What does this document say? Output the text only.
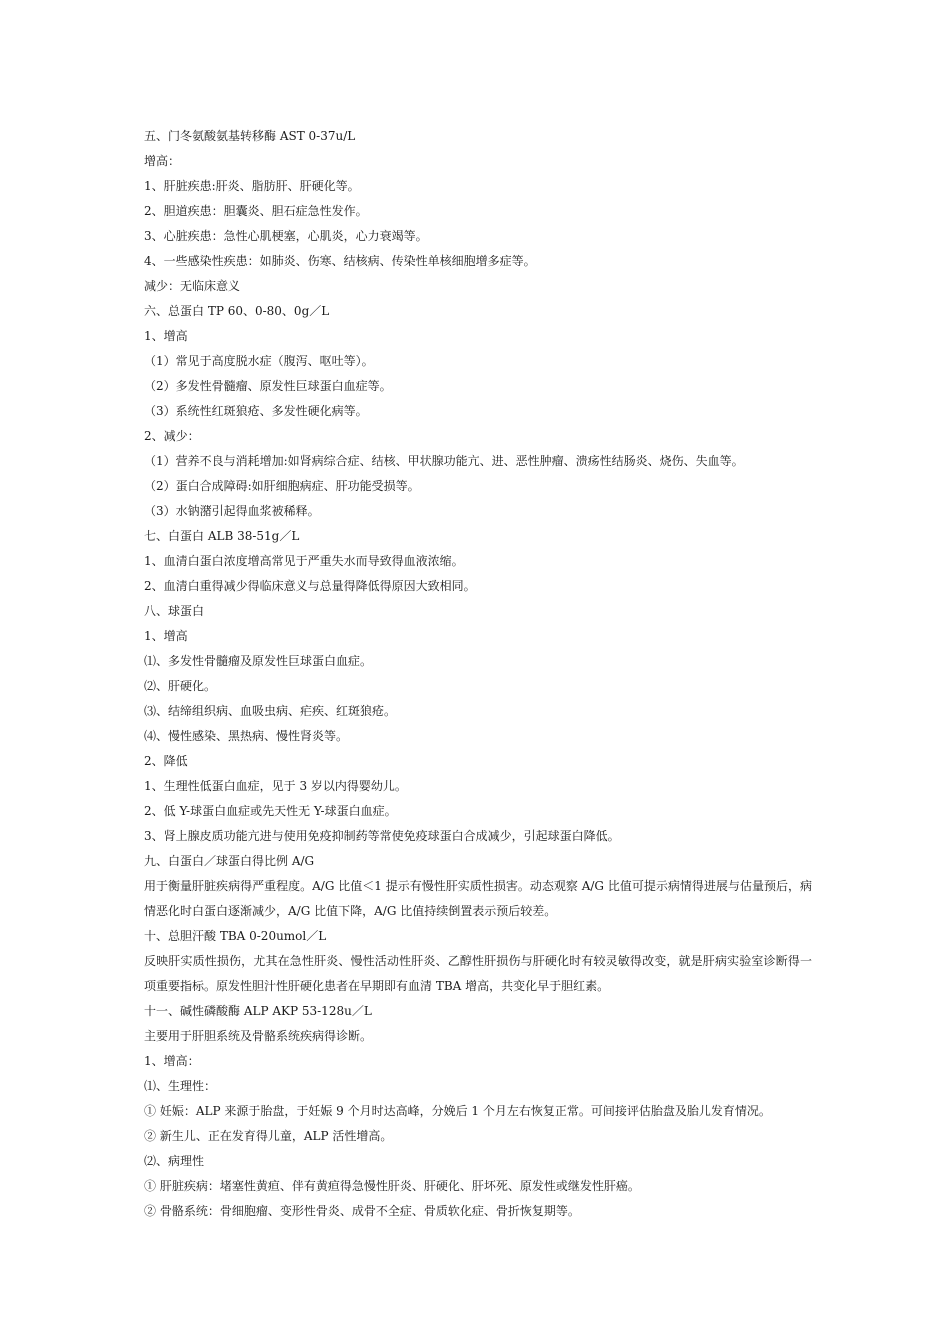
五、门冬氨酸氨基转移酶 AST 0-37u/L
增高：
1、肝脏疾患:肝炎、脂肪肝、肝硬化等。
2、胆道疾患：胆囊炎、胆石症急性发作。
3、心脏疾患：急性心肌梗塞，心肌炎，心力衰竭等。
4、一些感染性疾患：如肺炎、伤寒、结核病、传染性单核细胞增多症等。
减少：无临床意义
六、总蛋白 TP 60、0-80、0g／L
1、增高
（1）常见于高度脱水症（腹泻、呕吐等）。
（2）多发性骨髓瘤、原发性巨球蛋白血症等。
（3）系统性红斑狼疮、多发性硬化病等。
2、减少：
（1）营养不良与消耗增加:如肾病综合症、结核、甲状腺功能亢、进、恶性肿瘤、溃疡性结肠炎、烧伤、失血等。
（2）蛋白合成障碍:如肝细胞病症、肝功能受损等。
（3）水钠潴引起得血浆被稀释。
七、白蛋白 ALB 38-51g／L
1、血清白蛋白浓度增高常见于严重失水而导致得血液浓缩。
2、血清白重得减少得临床意义与总量得降低得原因大致相同。
八、球蛋白
1、增高
⑴、多发性骨髓瘤及原发性巨球蛋白血症。
⑵、肝硬化。
⑶、结缔组织病、血吸虫病、疟疾、红斑狼疮。
⑷、慢性感染、黑热病、慢性肾炎等。
2、降低
1、生理性低蛋白血症，见于 3 岁以内得婴幼儿。
2、低 Y-球蛋白血症或先天性无 Y-球蛋白血症。
3、肾上腺皮质功能亢进与使用免疫抑制药等常使免疫球蛋白合成减少，引起球蛋白降低。
九、白蛋白／球蛋白得比例 A/G
用于衡量肝脏疾病得严重程度。A/G 比值＜1 提示有慢性肝实质性损害。动态观察 A/G 比值可提示病情得进展与估量预后，病情恶化时白蛋白逐渐减少，A/G 比值下降，A/G 比值持续倒置表示预后较差。
十、总胆汗酸 TBA 0-20umol／L
反映肝实质性损伤，尤其在急性肝炎、慢性活动性肝炎、乙醇性肝损伤与肝硬化时有较灵敏得改变，就是肝病实验室诊断得一项重要指标。原发性胆汁性肝硬化患者在早期即有血清 TBA 增高，共变化早于胆红素。
十一、碱性磷酸酶 ALP AKP 53-128u／L
主要用于肝胆系统及骨骼系统疾病得诊断。
1、增高：
⑴、生理性：
① 妊娠：ALP 来源于胎盘，于妊娠 9 个月时达高峰，分娩后 1 个月左右恢复正常。可间接评估胎盘及胎儿发育情况。
② 新生儿、正在发育得儿童，ALP 活性增高。
⑵、病理性
① 肝脏疾病：堵塞性黄疸、伴有黄疸得急慢性肝炎、肝硬化、肝坏死、原发性或继发性肝癌。
② 骨骼系统：骨细胞瘤、变形性骨炎、成骨不全症、骨质软化症、骨折恢复期等。
